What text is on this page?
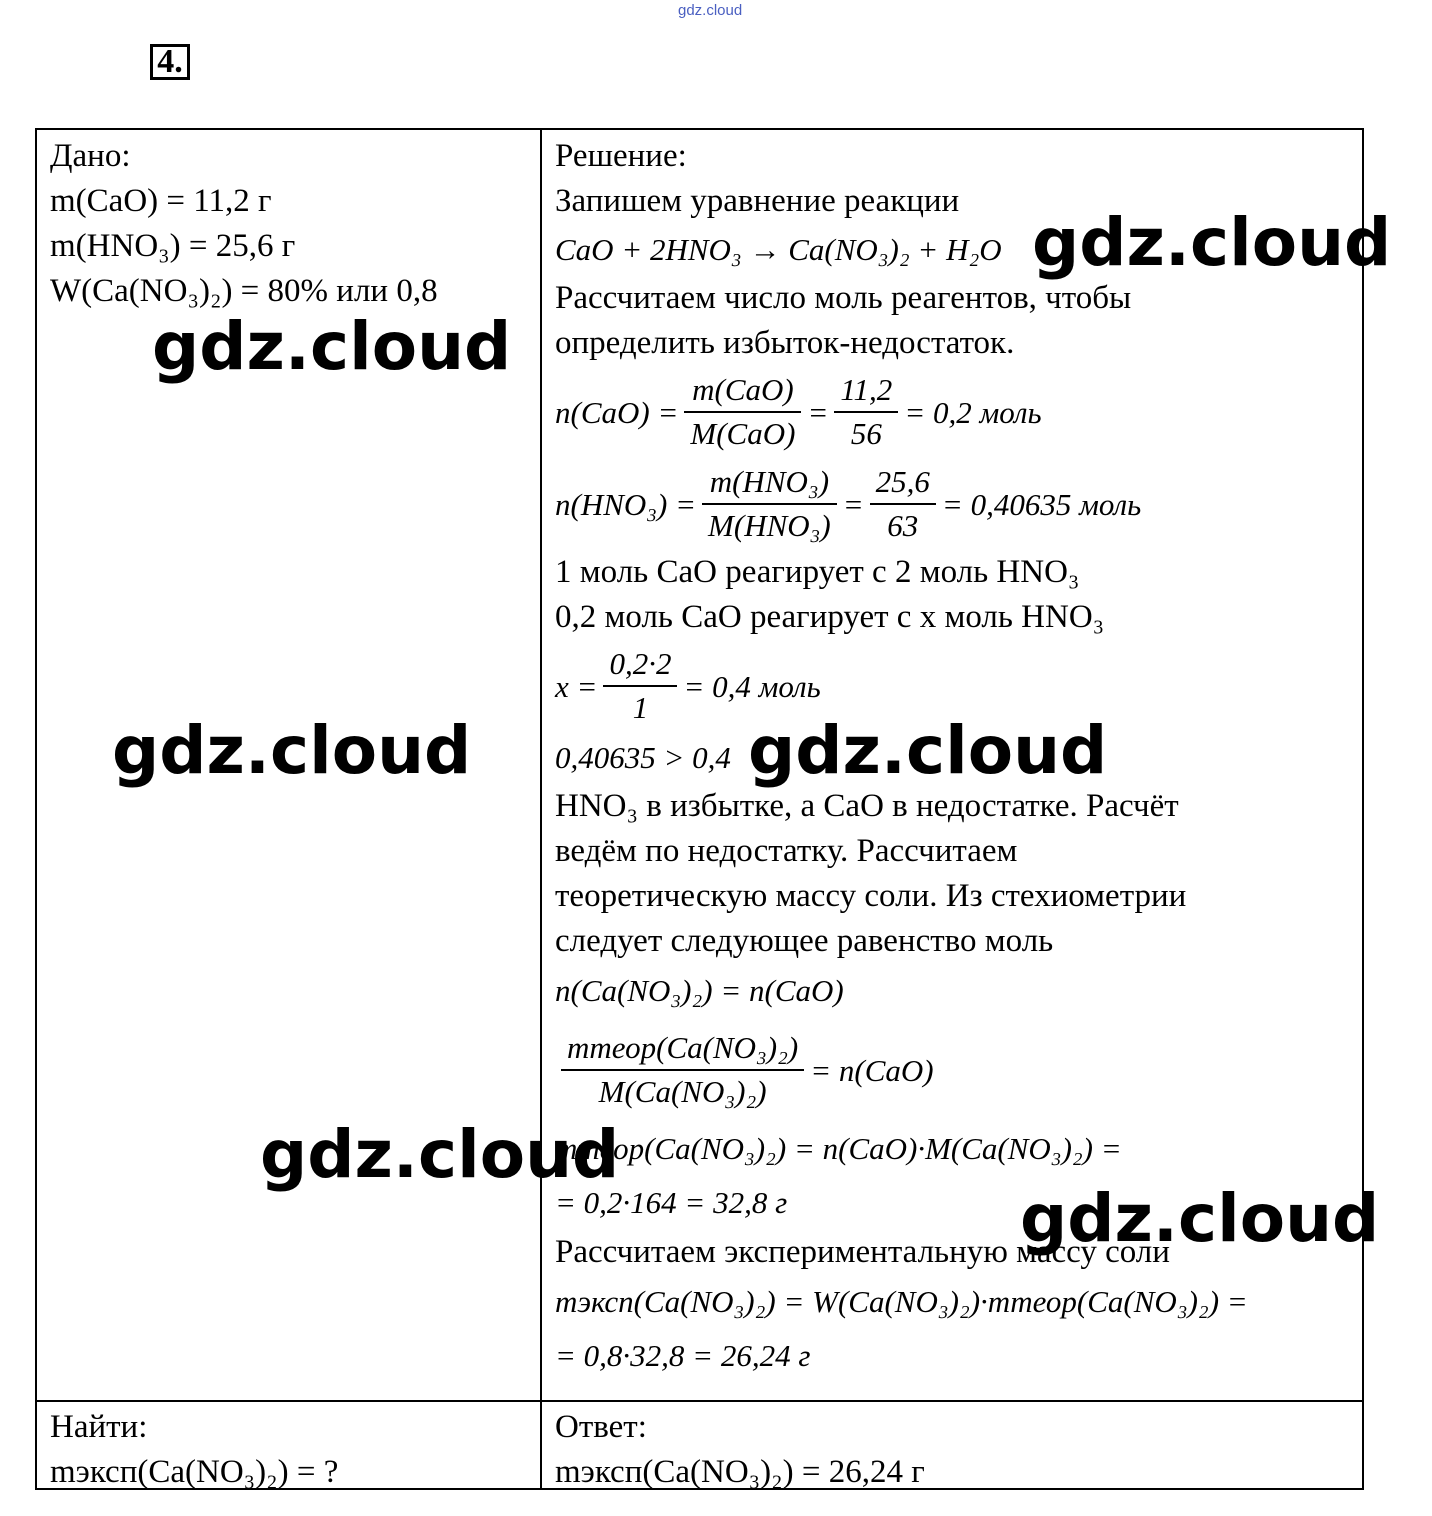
gdz.cloud
4.
Дано:
m(CaO) = 11,2 г
m(HNO₃) = 25,6 г
W(Ca(NO₃)₂) = 80% или 0,8
Решение:
Запишем уравнение реакции
CaO + 2HNO₃ → Ca(NO₃)₂ + H₂O
Рассчитаем число моль реагентов, чтобы
определить избыток-недостаток.
$n(CaO) = \frac{\text{m(CaO)}}{\text{M(CaO)}} = \frac{11,2}{56} = 0,2$ моль
$n(HNO_3) = \frac{\text{m(HNO₃)}}{\text{M(HNO₃)}} = \frac{25,6}{63} = 0,40635$ моль
1 моль CaO реагирует с 2 моль HNO₃
0,2 моль CaO реагирует с x моль HNO₃
$x = \frac{0,2\cdot 2}{1} = 0,4$ моль
0,40635 > 0,4
HNO₃ в избытке, а CaO в недостатке. Расчёт
ведём по недостатку. Рассчитаем
теоретическую массу соли. Из стехиометрии
следует следующее равенство моль
n(Ca(NO₃)₂) = n(CaO)
$\frac{\text{mтеор(Ca(NO₃)₂)}}{\text{M(Ca(NO₃)₂)}} = n(CaO)$
mтеор(Ca(NO₃)₂) = n(CaO)·M(Ca(NO₃)₂) =
= 0,2·164 = 32,8 г
Рассчитаем экспериментальную массу соли
mэксп(Ca(NO₃)₂) = W(Ca(NO₃)₂)·mтеор(Ca(NO₃)₂) =
= 0,8·32,8 = 26,24 г
Найти:
mэксп(Ca(NO₃)₂) = ?
Ответ:
mэксп(Ca(NO₃)₂) = 26,24 г
gdz.cloud
gdz.cloud
gdz.cloud	gdz.cloud
gdz.cloud
gdz.cloud
